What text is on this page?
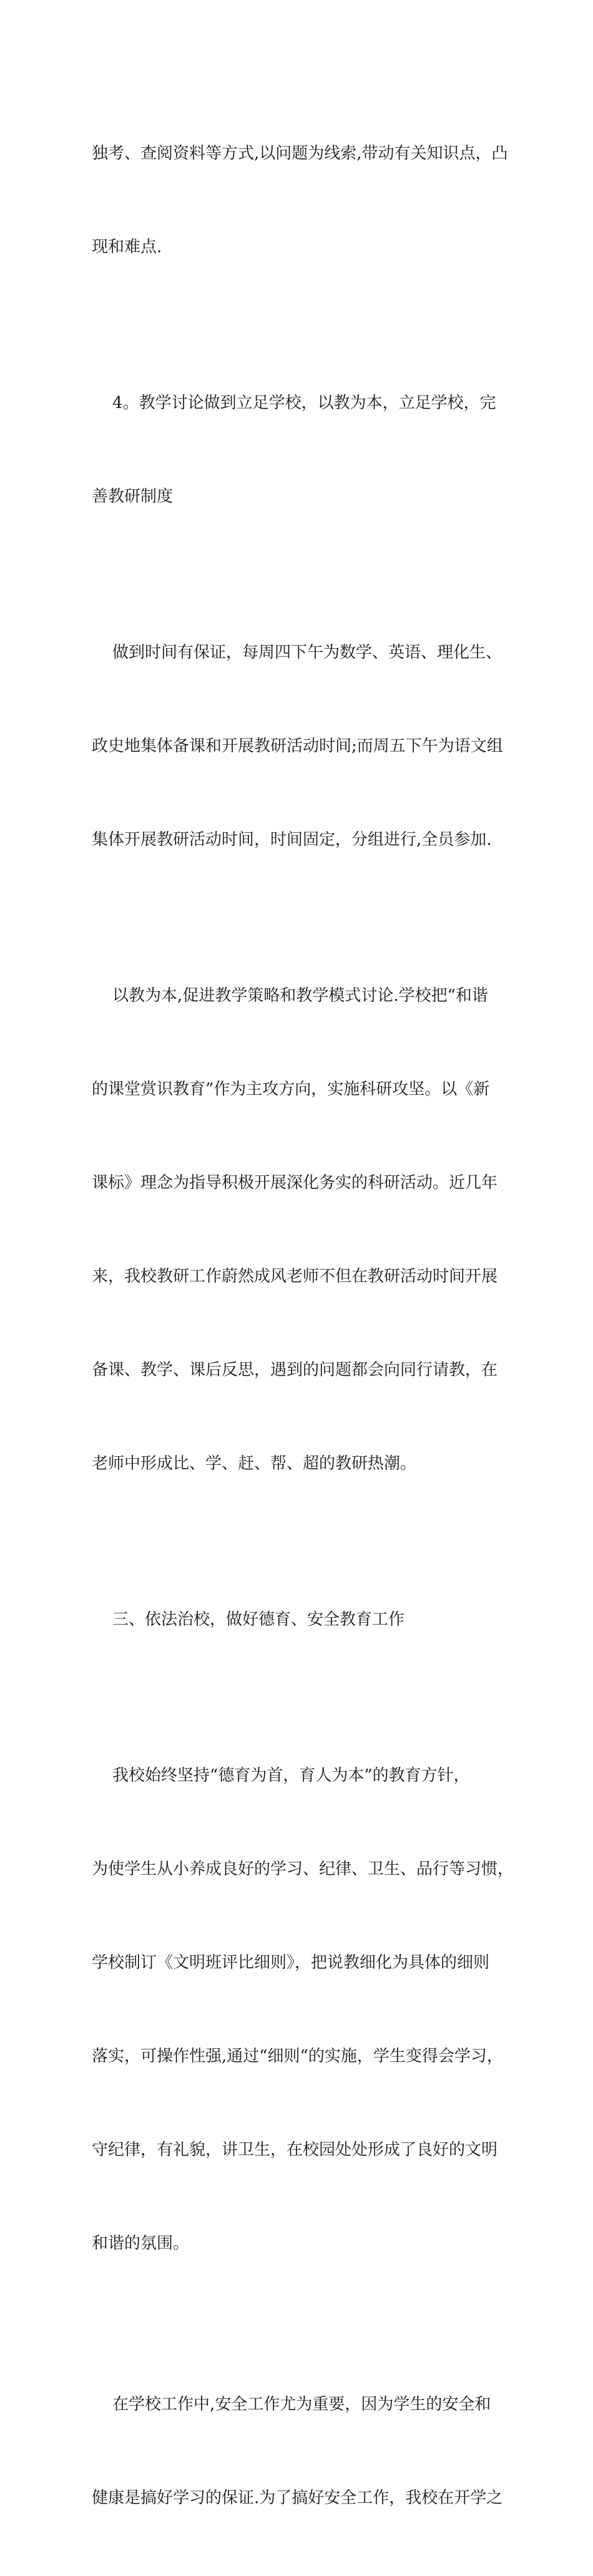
独考、查阅资料等方式,以问题为线索,带动有关知识点，凸

现和难点.

4。教学讨论做到立足学校，以教为本，立足学校，完

善教研制度

做到时间有保证，每周四下午为数学、英语、理化生、

政史地集体备课和开展教研活动时间;而周五下午为语文组

集体开展教研活动时间，时间固定，分组进行,全员参加.

以教为本,促进教学策略和教学模式讨论.学校把“和谐

的课堂赏识教育”作为主攻方向，实施科研攻坚。以《新

课标》理念为指导积极开展深化务实的科研活动。近几年

来，我校教研工作蔚然成风老师不但在教研活动时间开展

备课、教学、课后反思，遇到的问题都会向同行请教，在

老师中形成比、学、赶、帮、超的教研热潮。

三、依法治校，做好德育、安全教育工作

我校始终坚持“德育为首，育人为本”的教育方针，

为使学生从小养成良好的学习、纪律、卫生、品行等习惯，

学校制订《文明班评比细则》，把说教细化为具体的细则

落实，可操作性强,通过“细则“的实施，学生变得会学习，

守纪律，有礼貌，讲卫生，在校园处处形成了良好的文明

和谐的氛围。

在学校工作中,安全工作尤为重要，因为学生的安全和

健康是搞好学习的保证.为了搞好安全工作，我校在开学之
